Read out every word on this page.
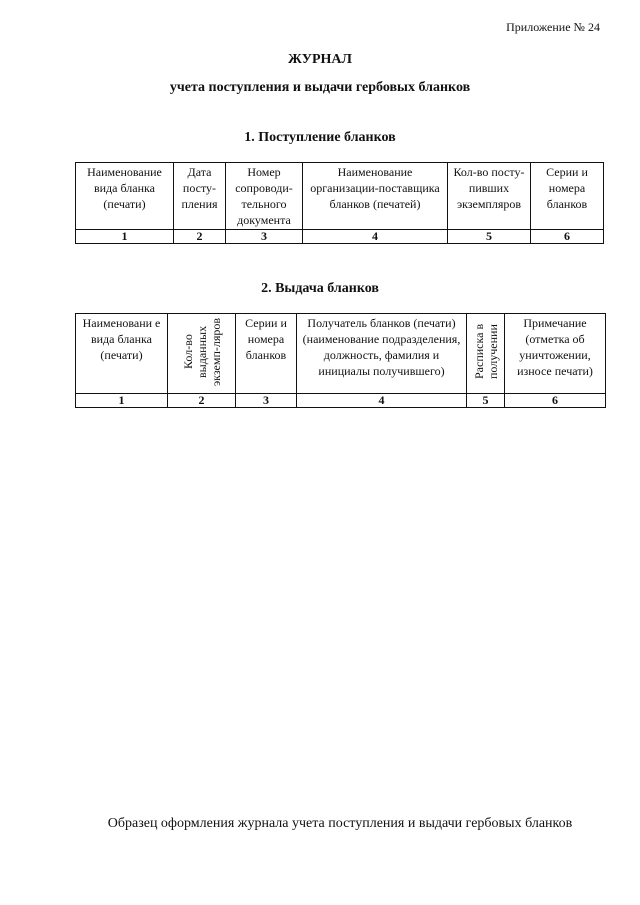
Приложение № 24
ЖУРНАЛ
учета поступления и выдачи гербовых бланков
1. Поступление бланков
Наименование вида бланка (печати)	Дата посту-пления	Номер сопроводи-тельного документа	Наименование организации-поставщика бланков (печатей)	Кол-во посту-пивших экземпляров	Серии и номера бланков
1	2	3	4	5	6
2. Выдача бланков
Наименовани е вида бланка (печати)	Кол-во выданных экземп-ляров	Серии и номера бланков	Получатель бланков (печати) (наименование подразделения, должность, фамилия и инициалы получившего)	Расписка в получении	Примечание (отметка об уничтожении, износе печати)
1	2	3	4	5	6
Образец оформления журнала учета поступления и выдачи гербовых бланков
